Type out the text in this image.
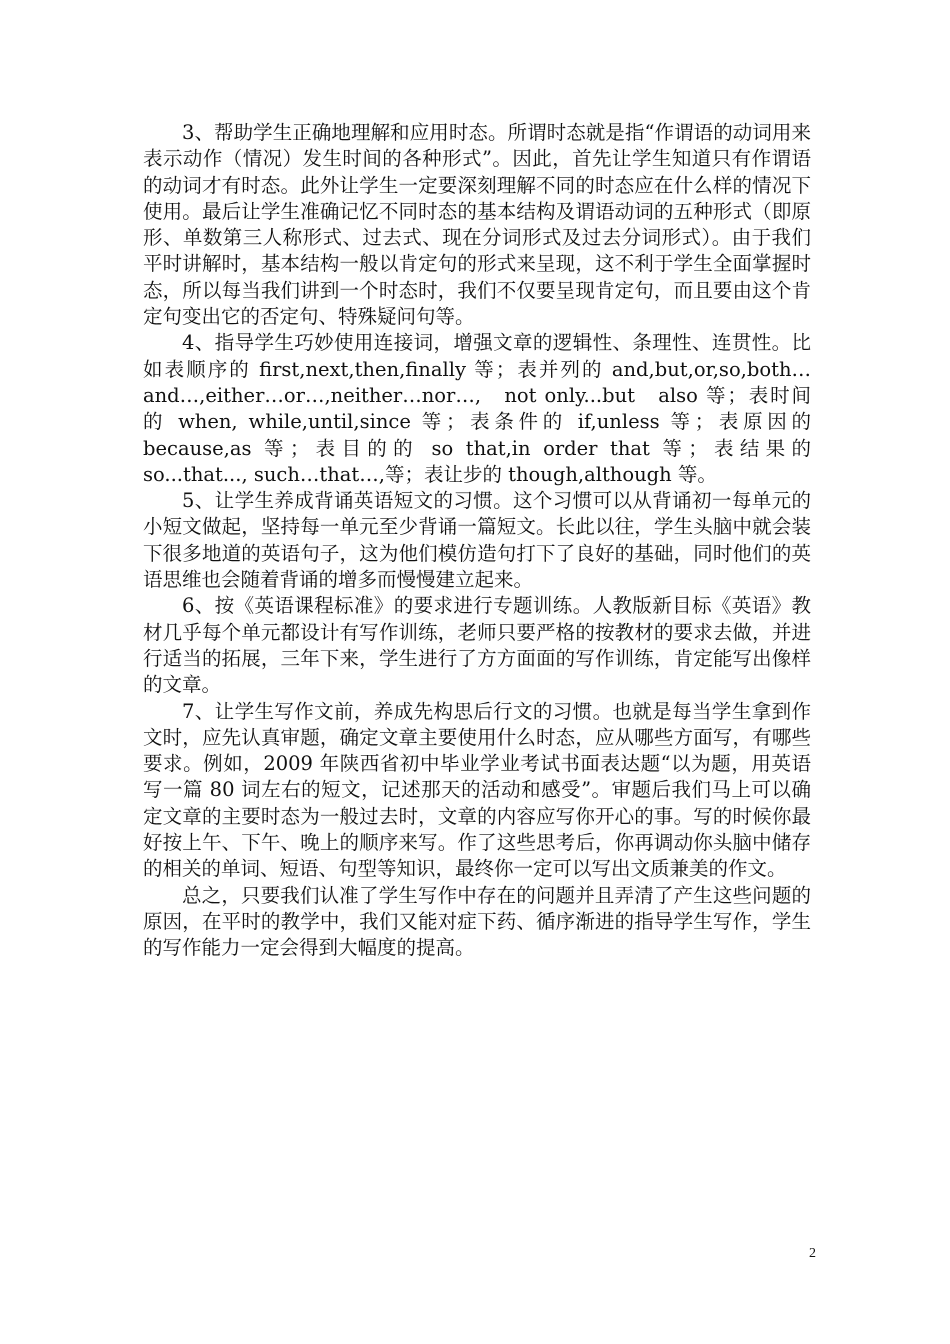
3、帮助学生正确地理解和应用时态。所谓时态就是指“作谓语的动词用来表示动作（情况）发生时间的各种形式”。因此，首先让学生知道只有作谓语的动词才有时态。此外让学生一定要深刻理解不同的时态应在什么样的情况下使用。最后让学生准确记忆不同时态的基本结构及谓语动词的五种形式（即原形、单数第三人称形式、过去式、现在分词形式及过去分词形式）。由于我们平时讲解时，基本结构一般以肯定句的形式来呈现，这不利于学生全面掌握时态，所以每当我们讲到一个时态时，我们不仅要呈现肯定句，而且要由这个肯定句变出它的否定句、特殊疑问句等。

4、指导学生巧妙使用连接词，增强文章的逻辑性、条理性、连贯性。比如表顺序的 first,next,then,finally 等；表并列的 and,but,or,so,both…and…,either…or…,neither…nor…,　not only...but　also 等；表时间的 when, while,until,since 等；表条件的 if,unless 等；表原因的 because,as 等；表目的的 so that,in order that 等；表结果的 so...that..., such…that…,等；表让步的 though,although 等。

5、让学生养成背诵英语短文的习惯。这个习惯可以从背诵初一每单元的小短文做起，坚持每一单元至少背诵一篇短文。长此以往，学生头脑中就会装下很多地道的英语句子，这为他们模仿造句打下了良好的基础，同时他们的英语思维也会随着背诵的增多而慢慢建立起来。

6、按《英语课程标准》的要求进行专题训练。人教版新目标《英语》教材几乎每个单元都设计有写作训练，老师只要严格的按教材的要求去做，并进行适当的拓展，三年下来，学生进行了方方面面的写作训练，肯定能写出像样的文章。

7、让学生写作文前，养成先构思后行文的习惯。也就是每当学生拿到作文时，应先认真审题，确定文章主要使用什么时态，应从哪些方面写，有哪些要求。例如，2009 年陕西省初中毕业学业考试书面表达题“以为题，用英语写一篇 80 词左右的短文，记述那天的活动和感受”。审题后我们马上可以确定文章的主要时态为一般过去时，文章的内容应写你开心的事。写的时候你最好按上午、下午、晚上的顺序来写。作了这些思考后，你再调动你头脑中储存的相关的单词、短语、句型等知识，最终你一定可以写出文质兼美的作文。

总之，只要我们认准了学生写作中存在的问题并且弄清了产生这些问题的原因，在平时的教学中，我们又能对症下药、循序渐进的指导学生写作，学生的写作能力一定会得到大幅度的提高。

2
